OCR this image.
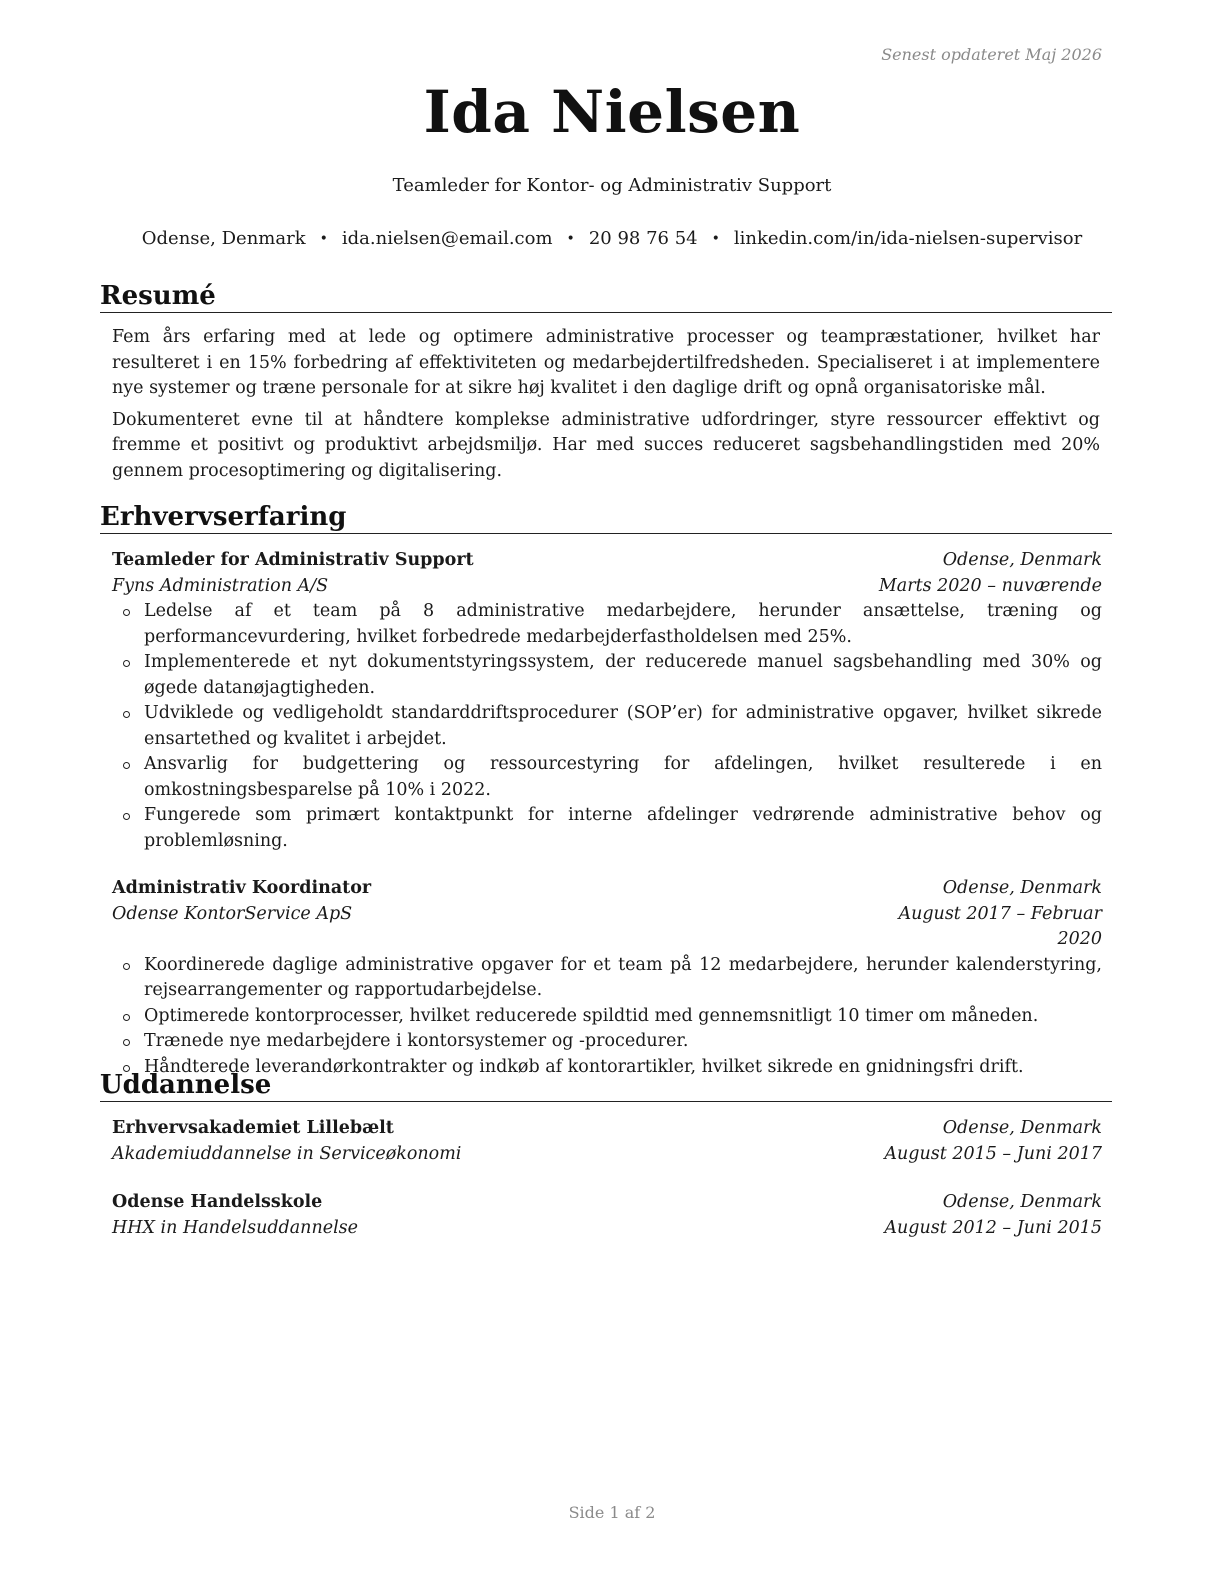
Senest opdateret Maj 2026
Ida Nielsen
Teamleder for Kontor- og Administrativ Support
Odense, Denmark • ida.nielsen@email.com • 20 98 76 54 • linkedin.com/in/ida-nielsen-supervisor
Resumé
Fem års erfaring med at lede og optimere administrative processer og teampræstationer, hvilket har resulteret i en 15% forbedring af effektiviteten og medarbejdertilfredsheden. Specialiseret i at implementere nye systemer og træne personale for at sikre høj kvalitet i den daglige drift og opnå organisatoriske mål.
Dokumenteret evne til at håndtere komplekse administrative udfordringer, styre ressourcer effektivt og fremme et positivt og produktivt arbejdsmiljø. Har med succes reduceret sagsbehandlingstiden med 20% gennem procesoptimering og digitalisering.
Erhvervserfaring
Teamleder for Administrativ Support	Odense, Denmark
Fyns Administration A/S	Marts 2020 – nuværende
Ledelse af et team på 8 administrative medarbejdere, herunder ansættelse, træning og performancevurdering, hvilket forbedrede medarbejderfastholdelsen med 25%.
Implementerede et nyt dokumentstyringssystem, der reducerede manuel sagsbehandling med 30% og øgede datanøjagtigheden.
Udviklede og vedligeholdt standarddriftsprocedurer (SOP’er) for administrative opgaver, hvilket sikrede ensartethed og kvalitet i arbejdet.
Ansvarlig for budgettering og ressourcestyring for afdelingen, hvilket resulterede i en omkostningsbesparelse på 10% i 2022.
Fungerede som primært kontaktpunkt for interne afdelinger vedrørende administrative behov og problemløsning.
Administrativ Koordinator	Odense, Denmark
Odense KontorService ApS	August 2017 – Februar 2020
Koordinerede daglige administrative opgaver for et team på 12 medarbejdere, herunder kalenderstyring, rejsearrangementer og rapportudarbejdelse.
Optimerede kontorprocesser, hvilket reducerede spildtid med gennemsnitligt 10 timer om måneden.
Trænede nye medarbejdere i kontorsystemer og -procedurer.
Håndterede leverandørkontrakter og indkøb af kontorartikler, hvilket sikrede en gnidningsfri drift.
Uddannelse
Erhvervsakademiet Lillebælt	Odense, Denmark
Akademiuddannelse in Serviceøkonomi	August 2015 – Juni 2017
Odense Handelsskole	Odense, Denmark
HHX in Handelsuddannelse	August 2012 – Juni 2015
Side 1 af 2
